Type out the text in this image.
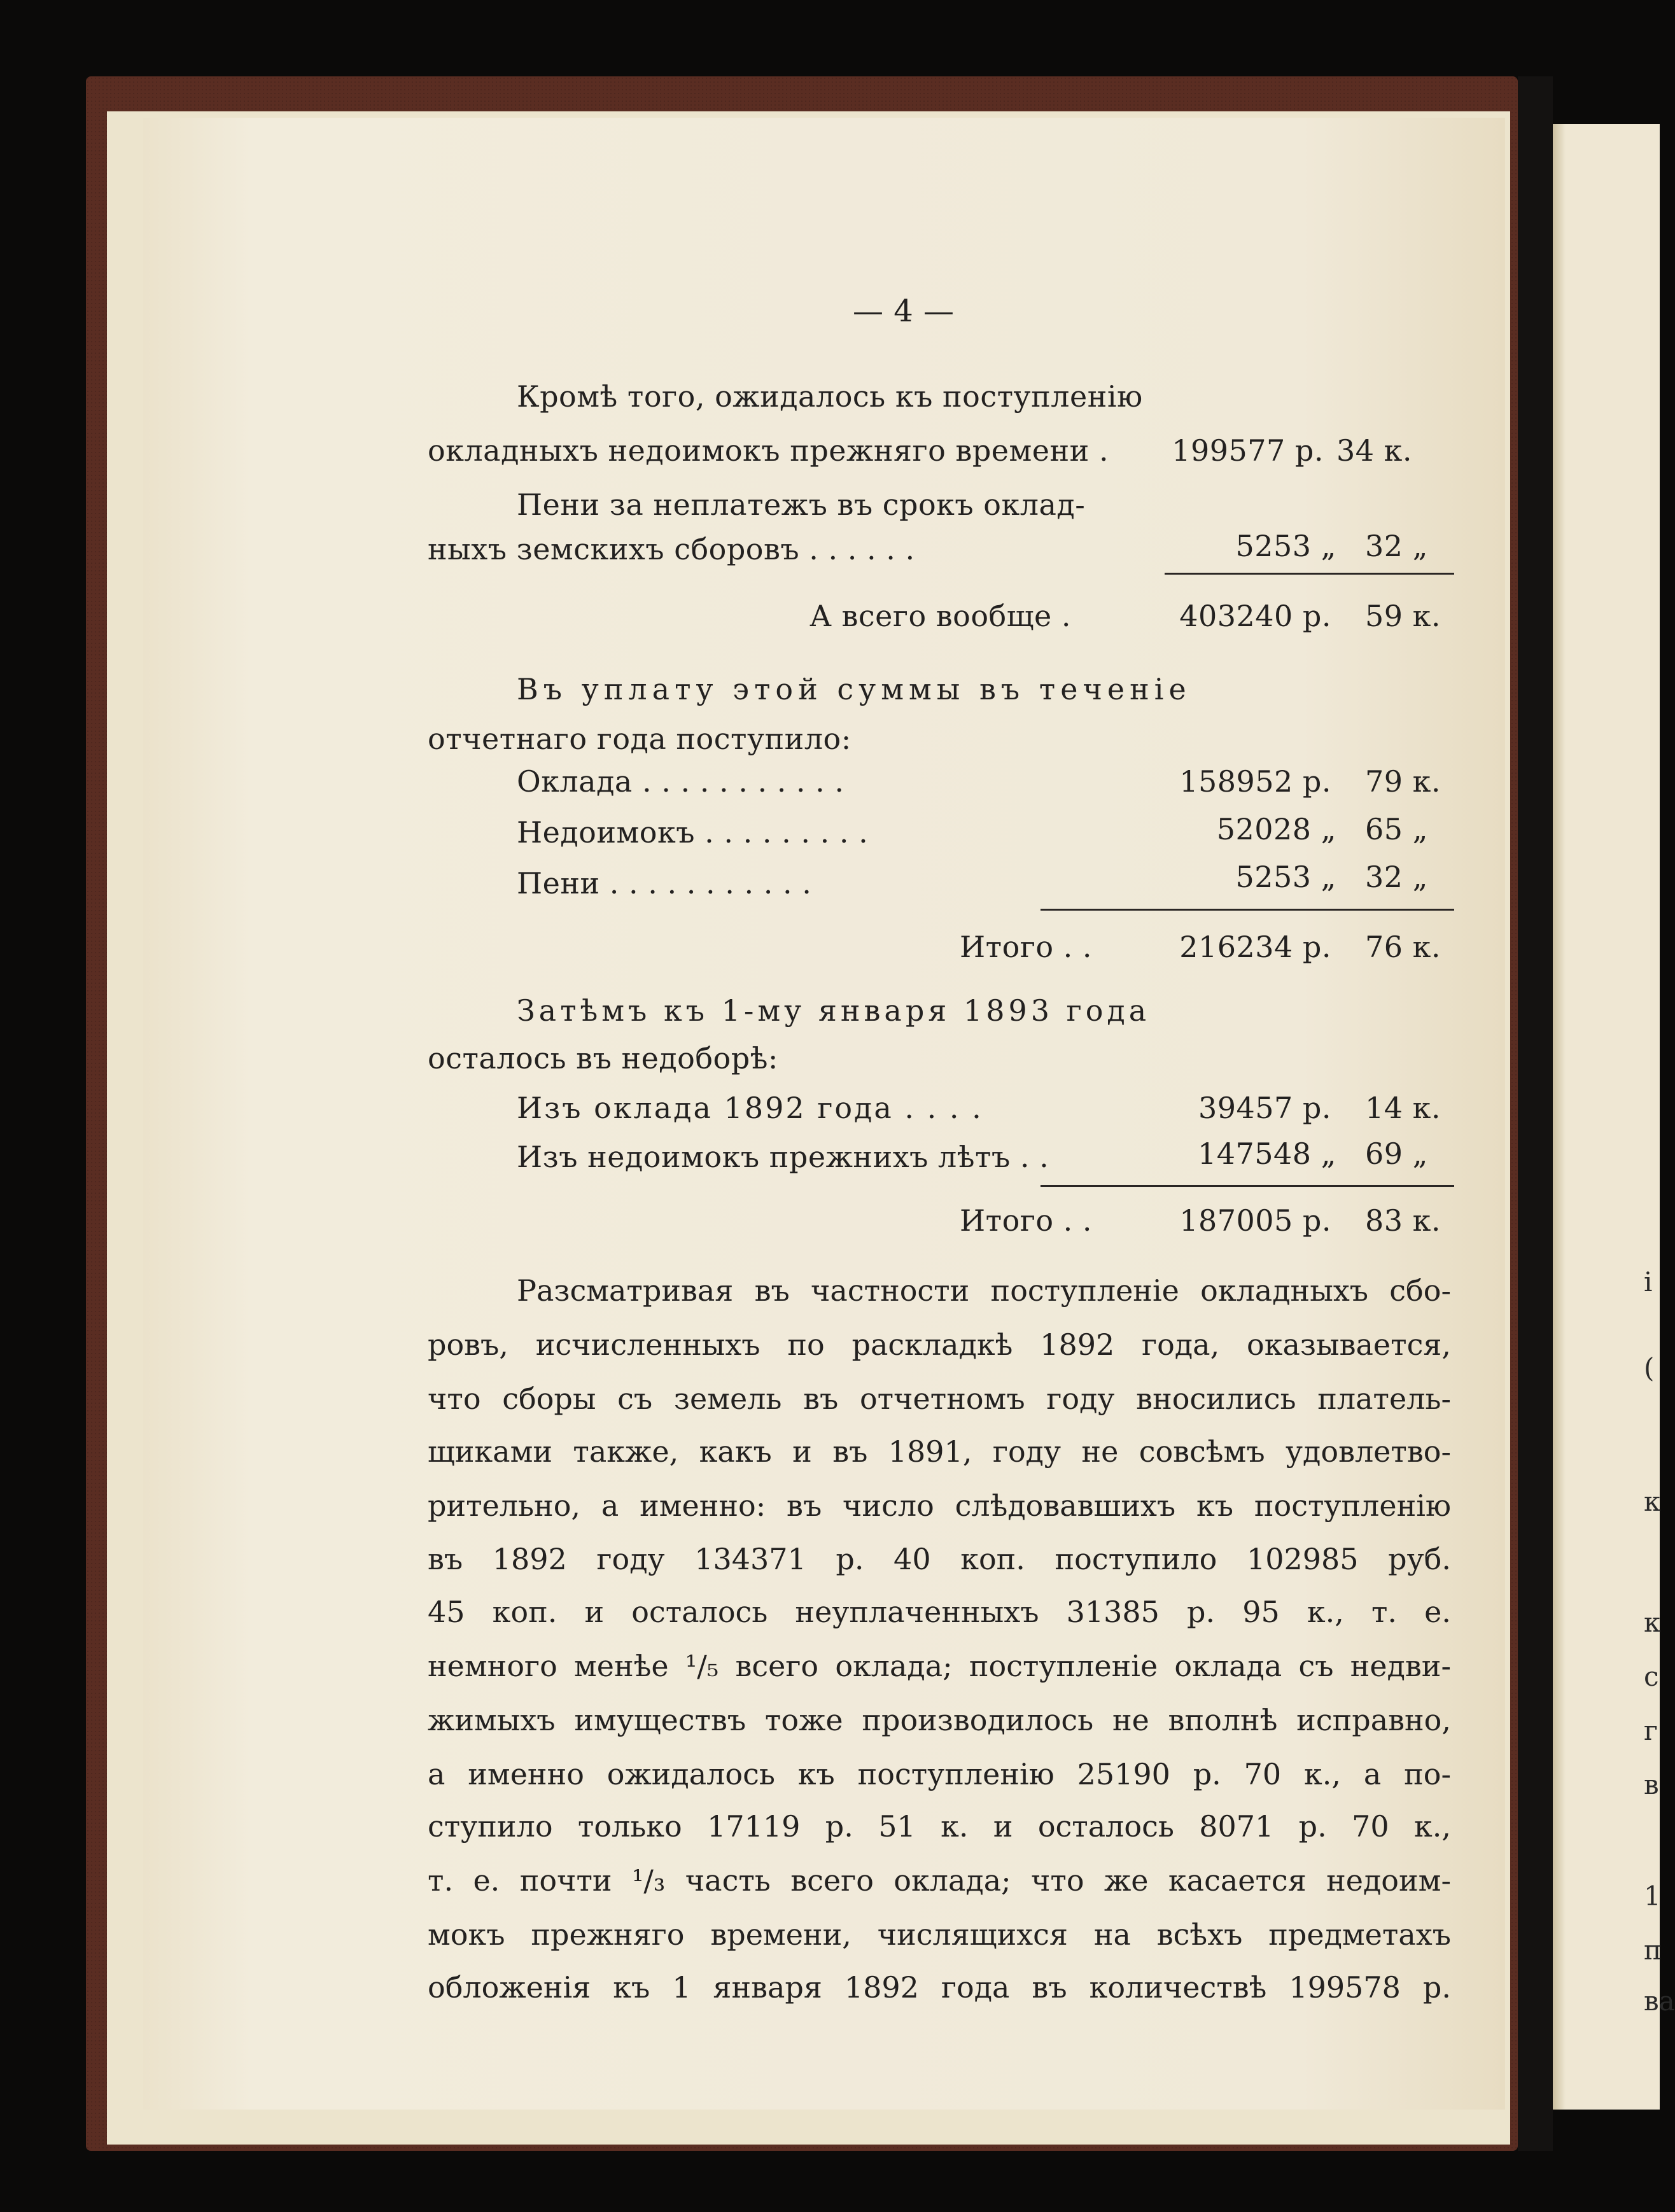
— 4 —
Кромѣ того, ожидалось къ поступленію
окладныхъ недоимокъ прежняго времени . 199577 р. 34 к.
Пени за неплатежъ въ срокъ оклад-
ныхъ земскихъ сборовъ . . . . . .	5253 „ 32 „
А всего вообще .	403240 р. 59 к.
Въ уплату этой суммы въ теченіе
отчетнаго года поступило:
Оклада . . . . . . . . . . .	158952 р. 79 к.
Недоимокъ . . . . . . . . .	52028 „ 65 „
Пени . . . . . . . . . . .	5253 „ 32 „
Итого . .	216234 р. 76 к.
Затѣмъ къ 1-му января 1893 года
осталось въ недоборѣ:
Изъ оклада 1892 года . . . .	39457 р. 14 к.
Изъ недоимокъ прежнихъ лѣтъ . .	147548 „ 69 „
Итого . .	187005 р. 83 к.
Разсматривая въ частности поступленіе окладныхъ сбо-
ровъ, исчисленныхъ по раскладкѣ 1892 года, оказывается,
что сборы съ земель въ отчетномъ году вносились платель-
щиками также, какъ и въ 1891, году не совсѣмъ удовлетво-
рительно, а именно: въ число слѣдовавшихъ къ поступленію
въ 1892 году 134371 р. 40 коп. поступило 102985 руб.
45 коп. и осталось неуплаченныхъ 31385 р. 95 к., т. е.
немного менѣе ¹/₅ всего оклада; поступленіе оклада съ недви-
жимыхъ имуществъ тоже производилось не вполнѣ исправно,
а именно ожидалось къ поступленію 25190 р. 70 к., а по-
ступило только 17119 р. 51 к. и осталось 8071 р. 70 к.,
т. е. почти ¹/₃ часть всего оклада; что же касается недоим-
мокъ прежняго времени, числящихся на всѣхъ предметахъ
обложенія къ 1 января 1892 года въ количествѣ 199578 р.
і
(
к
к
с
г
в
1
п
ва
